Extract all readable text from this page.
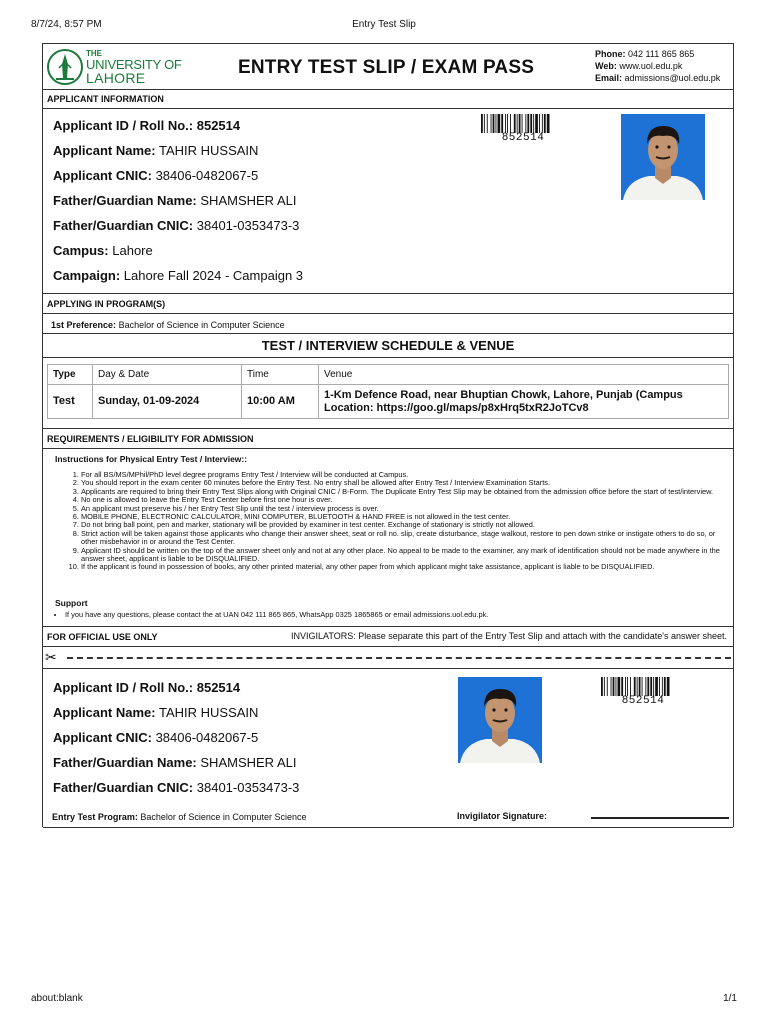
8/7/24, 8:57 PM	Entry Test Slip
THE
UNIVERSITY OF
LAHORE	ENTRY TEST SLIP / EXAM PASS
Phone: 042 111 865 865
Web: www.uol.edu.pk
Email: admissions@uol.edu.pk
APPLICANT INFORMATION
Applicant ID / Roll No.: 852514
Applicant Name: TAHIR HUSSAIN
Applicant CNIC: 38406-0482067-5
Father/Guardian Name: SHAMSHER ALI
Father/Guardian CNIC: 38401-0353473-3
Campus: Lahore
Campaign: Lahore Fall 2024 - Campaign 3
852514
APPLYING IN PROGRAM(S)
1st Preference: Bachelor of Science in Computer Science
TEST / INTERVIEW SCHEDULE & VENUE
Type	Day & Date	Time	Venue
Test	Sunday, 01-09-2024	10:00 AM	1-Km Defence Road, near Bhuptian Chowk, Lahore, Punjab (Campus Location: https://goo.gl/maps/p8xHrq5txR2JoTCv8
REQUIREMENTS / ELIGIBILITY FOR ADMISSION
Instructions for Physical Entry Test / Interview::
1. For all BS/MS/MPhil/PhD level degree programs Entry Test / Interview will be conducted at Campus.
2. You should report in the exam center 60 minutes before the Entry Test. No entry shall be allowed after Entry Test / Interview Examination Starts.
3. Applicants are required to bring their Entry Test Slips along with Original CNIC / B-Form. The Duplicate Entry Test Slip may be obtained from the admission office before the start of test/interview.
4. No one is allowed to leave the Entry Test Center before first one hour is over.
5. An applicant must preserve his / her Entry Test Slip until the test / interview process is over.
6. MOBILE PHONE, ELECTRONIC CALCULATOR, MINI COMPUTER, BLUETOOTH & HAND FREE is not allowed in the test center.
7. Do not bring ball point, pen and marker, stationary will be provided by examiner in test center. Exchange of stationary is strictly not allowed.
8. Strict action will be taken against those applicants who change their answer sheet, seat or roll no. slip, create disturbance, stage walkout, restore to pen down strike or instigate others to do so, or other misbehavior in or around the Test Center.
9. Applicant ID should be written on the top of the answer sheet only and not at any other place. No appeal to be made to the examiner, any mark of identification should not be made anywhere in the answer sheet, applicant is liable to be DISQUALIFIED.
10. If the applicant is found in possession of books, any other printed material, any other paper from which applicant might take assistance, applicant is liable to be DISQUALIFIED.
Support
• If you have any questions, please contact the at UAN 042 111 865 865, WhatsApp 0325 1865865 or email admissions.uol.edu.pk.
FOR OFFICIAL USE ONLY	INVIGILATORS: Please separate this part of the Entry Test Slip and attach with the candidate's answer sheet.
✂
Applicant ID / Roll No.: 852514
Applicant Name: TAHIR HUSSAIN
Applicant CNIC: 38406-0482067-5
Father/Guardian Name: SHAMSHER ALI
Father/Guardian CNIC: 38401-0353473-3
852514
Entry Test Program: Bachelor of Science in Computer Science	Invigilator Signature:
about:blank	1/1
